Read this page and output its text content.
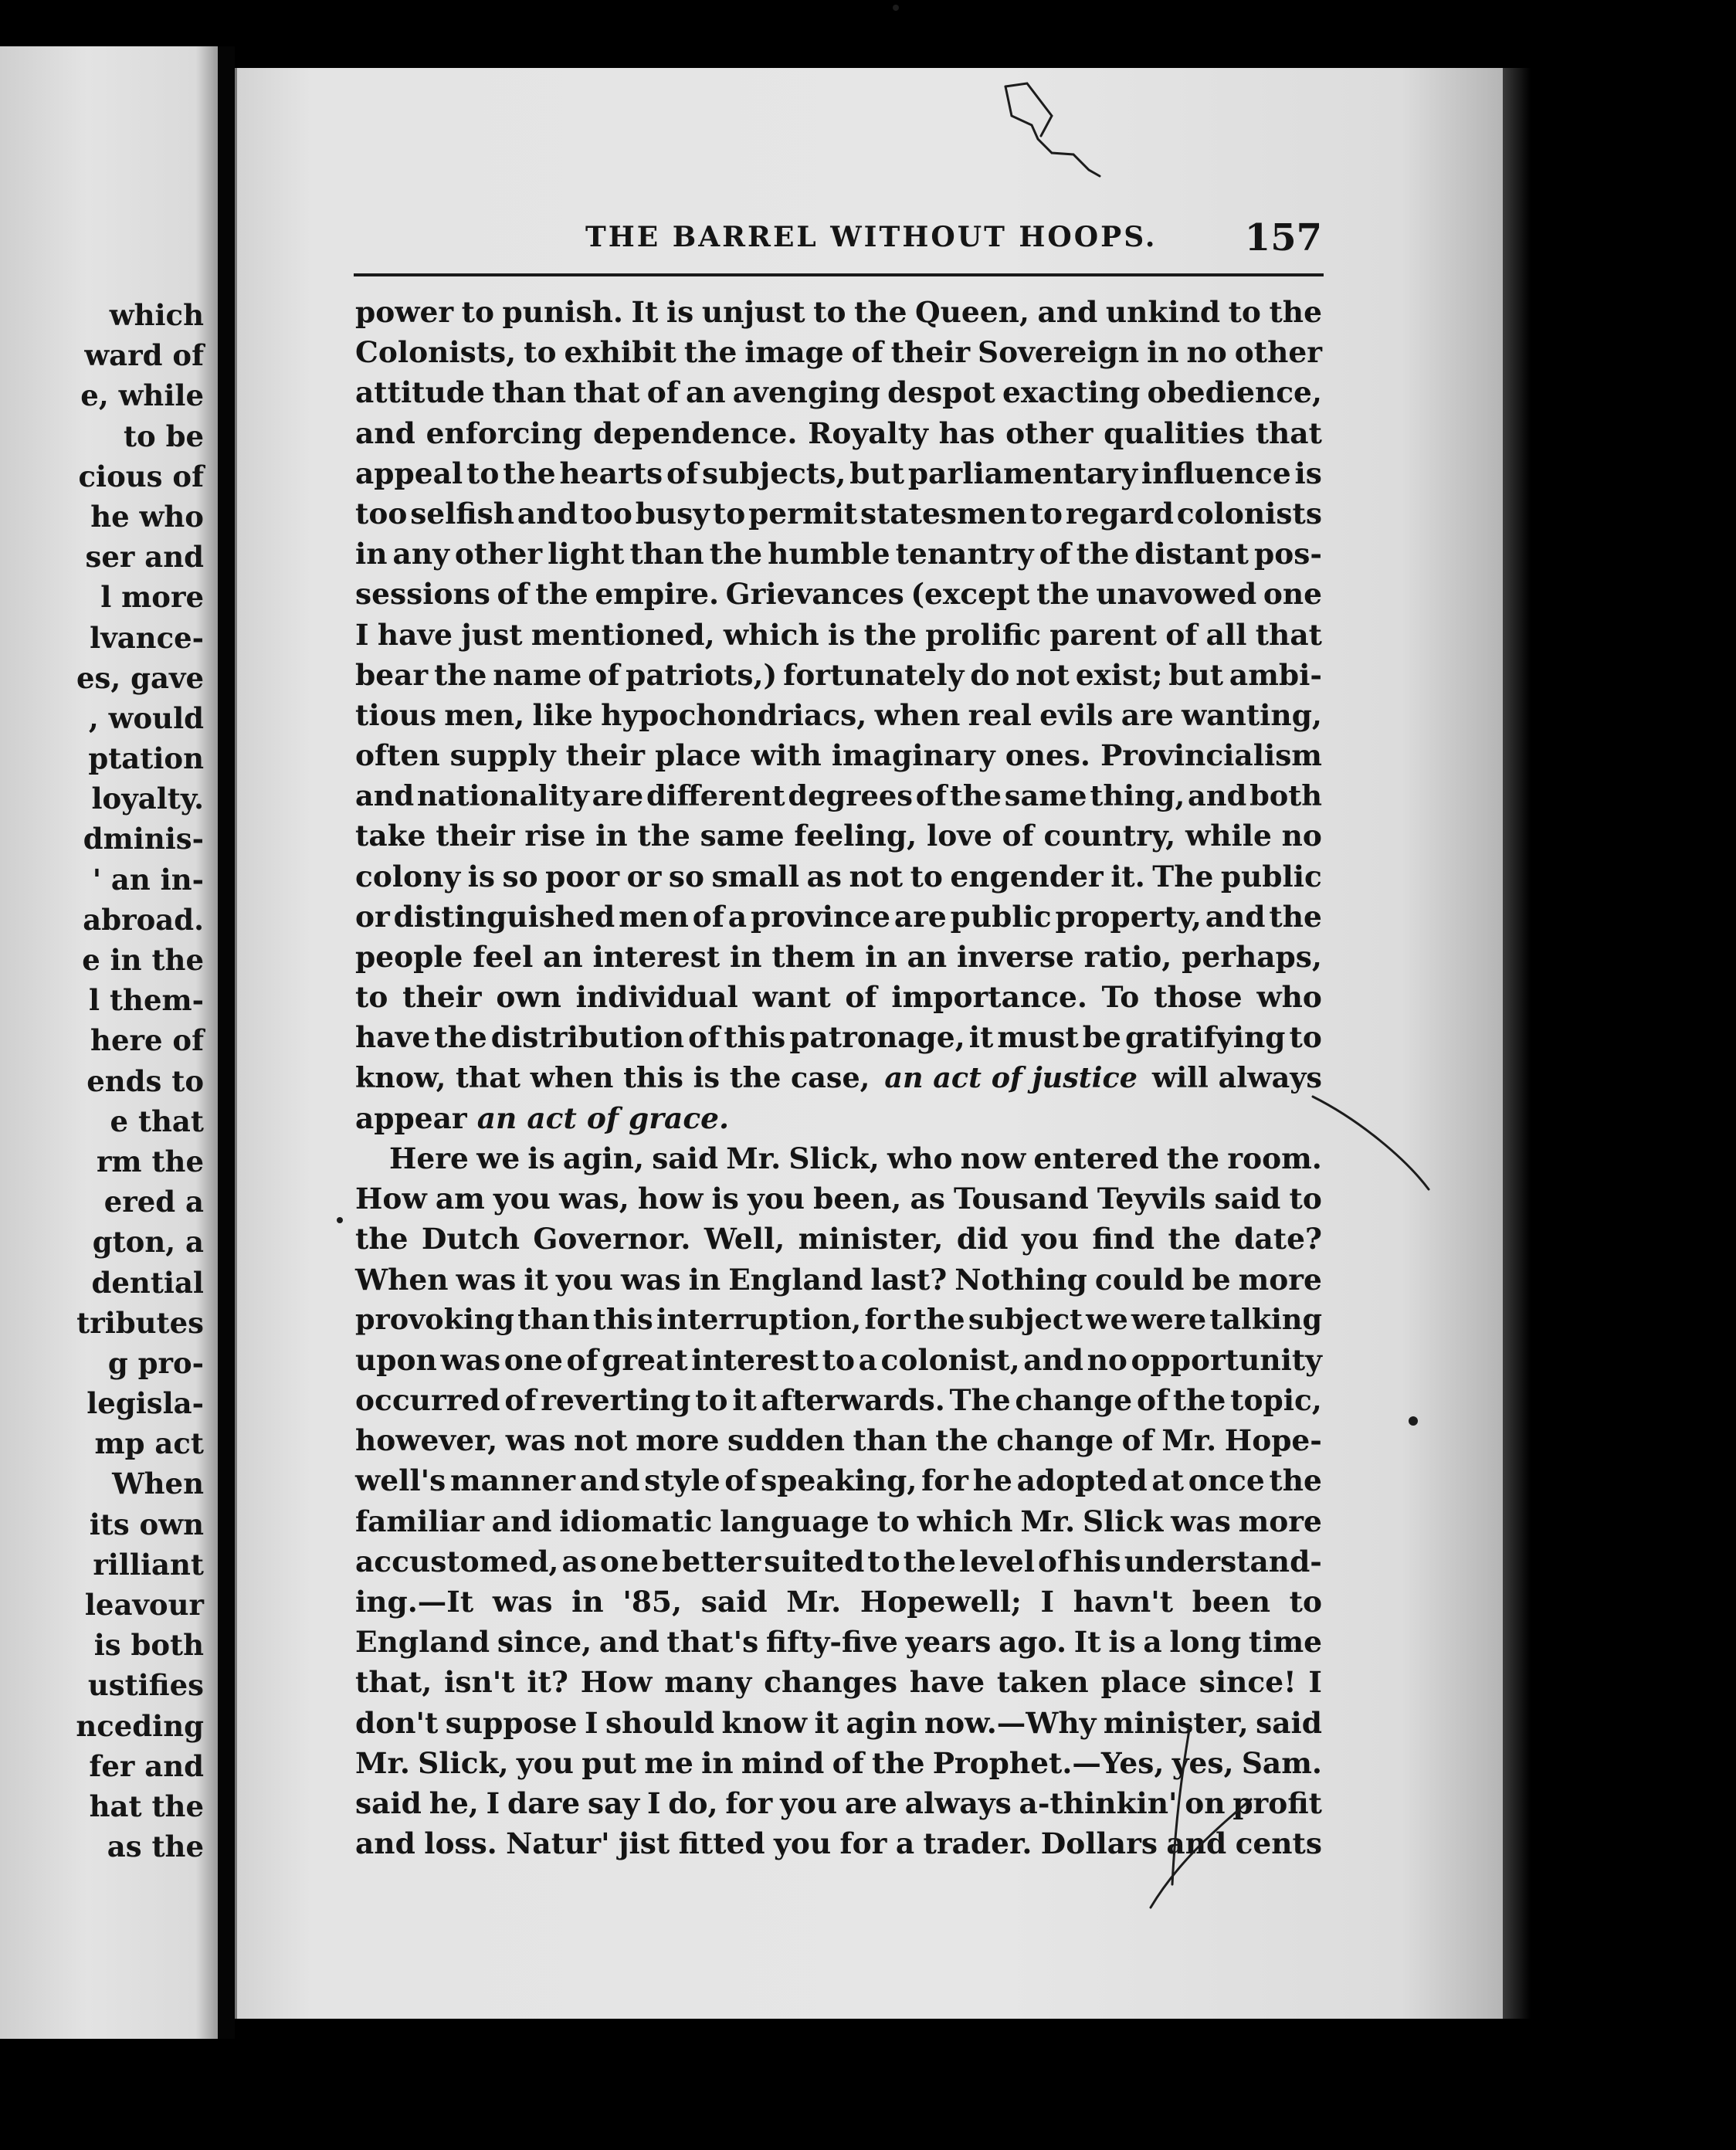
which
ward of
e, while
to be
cious of
he who
ser and
l more
lvance-
es, gave
, would
ptation
loyalty.
dminis-
' an in-
abroad.
e in the
l them-
here of
ends to
e that
rm the
ered a
gton, a
dential
tributes
g pro-
legisla-
mp act
When
its own
rilliant
leavour
is both
ustifies
nceding
fer and
hat the
as the
THE BARREL WITHOUT HOOPS. 157
power to punish. It is unjust to the Queen, and unkind to the
Colonists, to exhibit the image of their Sovereign in no other
attitude than that of an avenging despot exacting obedience,
and enforcing dependence. Royalty has other qualities that
appeal to the hearts of subjects, but parliamentary influence is
too selfish and too busy to permit statesmen to regard colonists
in any other light than the humble tenantry of the distant pos-
sessions of the empire. Grievances (except the unavowed one
I have just mentioned, which is the prolific parent of all that
bear the name of patriots,) fortunately do not exist; but ambi-
tious men, like hypochondriacs, when real evils are wanting,
often supply their place with imaginary ones. Provincialism
and nationality are different degrees of the same thing, and both
take their rise in the same feeling, love of country, while no
colony is so poor or so small as not to engender it. The public
or distinguished men of a province are public property, and the
people feel an interest in them in an inverse ratio, perhaps,
to their own individual want of importance. To those who
have the distribution of this patronage, it must be gratifying to
know, that when this is the case, an act of justice will always
appear
an act of grace.
Here we is agin, said Mr. Slick, who now entered the room.
How am you was, how is you been, as Tousand Teyvils said to
the Dutch Governor. Well, minister, did you find the date?
When was it you was in England last? Nothing could be more
provoking than this interruption, for the subject we were talking
upon was one of great interest to a colonist, and no opportunity
occurred of reverting to it afterwards. The change of the topic,
however, was not more sudden than the change of Mr. Hope-
well's manner and style of speaking, for he adopted at once the
familiar and idiomatic language to which Mr. Slick was more
accustomed, as one better suited to the level of his understand-
ing.—It was in '85, said Mr. Hopewell; I havn't been to
England since, and that's fifty-five years ago. It is a long time
that, isn't it? How many changes have taken place since! I
don't suppose I should know it agin now.—Why minister, said
Mr. Slick, you put me in mind of the Prophet.—Yes, yes, Sam.
said he, I dare say I do, for you are always a-thinkin' on profit
and loss. Natur' jist fitted you for a trader. Dollars and cents
